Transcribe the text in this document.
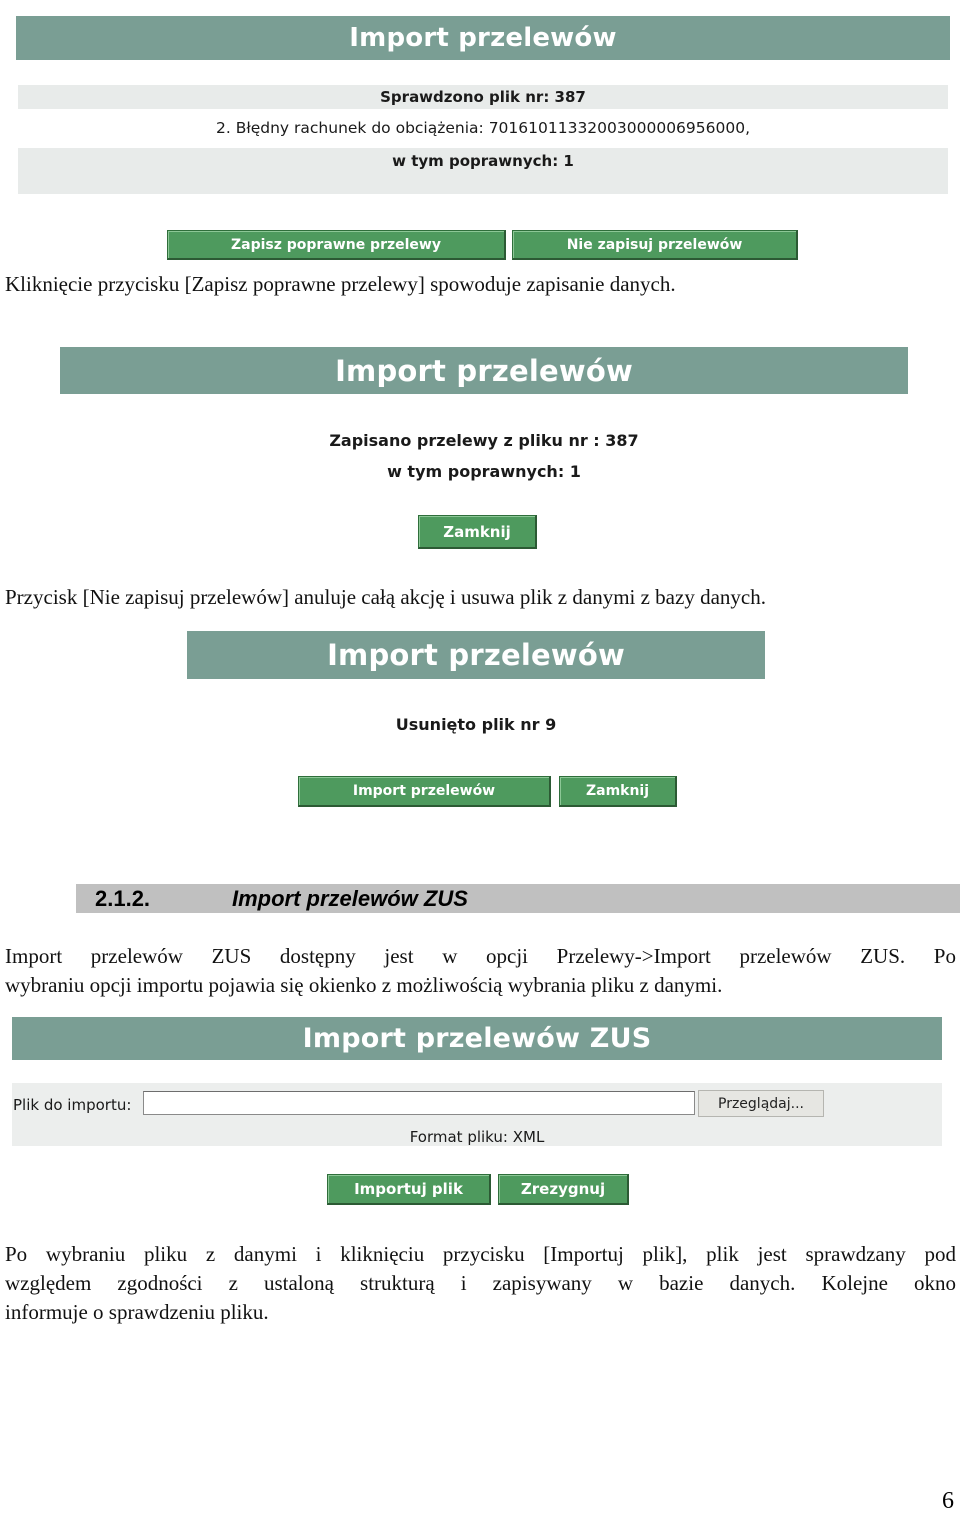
Import przelewów
Sprawdzono plik nr: 387
2. Błędny rachunek do obciążenia: 70161011332003000006956000,
w tym poprawnych: 1
Zapisz poprawne przelewy	Nie zapisuj przelewów

Kliknięcie przycisku [Zapisz poprawne przelewy] spowoduje zapisanie danych.

Import przelewów
Zapisano przelewy z pliku nr : 387
w tym poprawnych: 1
Zamknij

Przycisk [Nie zapisuj przelewów] anuluje całą akcję i usuwa plik z danymi z bazy danych.

Import przelewów
Usunięto plik nr 9
Import przelewów	Zamknij
2.1.2.	Import przelewów ZUS

Import przelewów ZUS dostępny jest w opcji Przelewy->Import przelewów ZUS. Po

wybraniu opcji importu pojawia się okienko z możliwością wybrania pliku z danymi.

Import przelewów ZUS
Plik do importu:	Przeglądaj...
Format pliku: XML
Importuj plik	Zrezygnuj

Po wybraniu pliku z danymi i kliknięciu przycisku [Importuj plik], plik jest sprawdzany pod

względem zgodności z ustaloną strukturą i zapisywany w bazie danych. Kolejne okno

informuje o sprawdzeniu pliku.

6
